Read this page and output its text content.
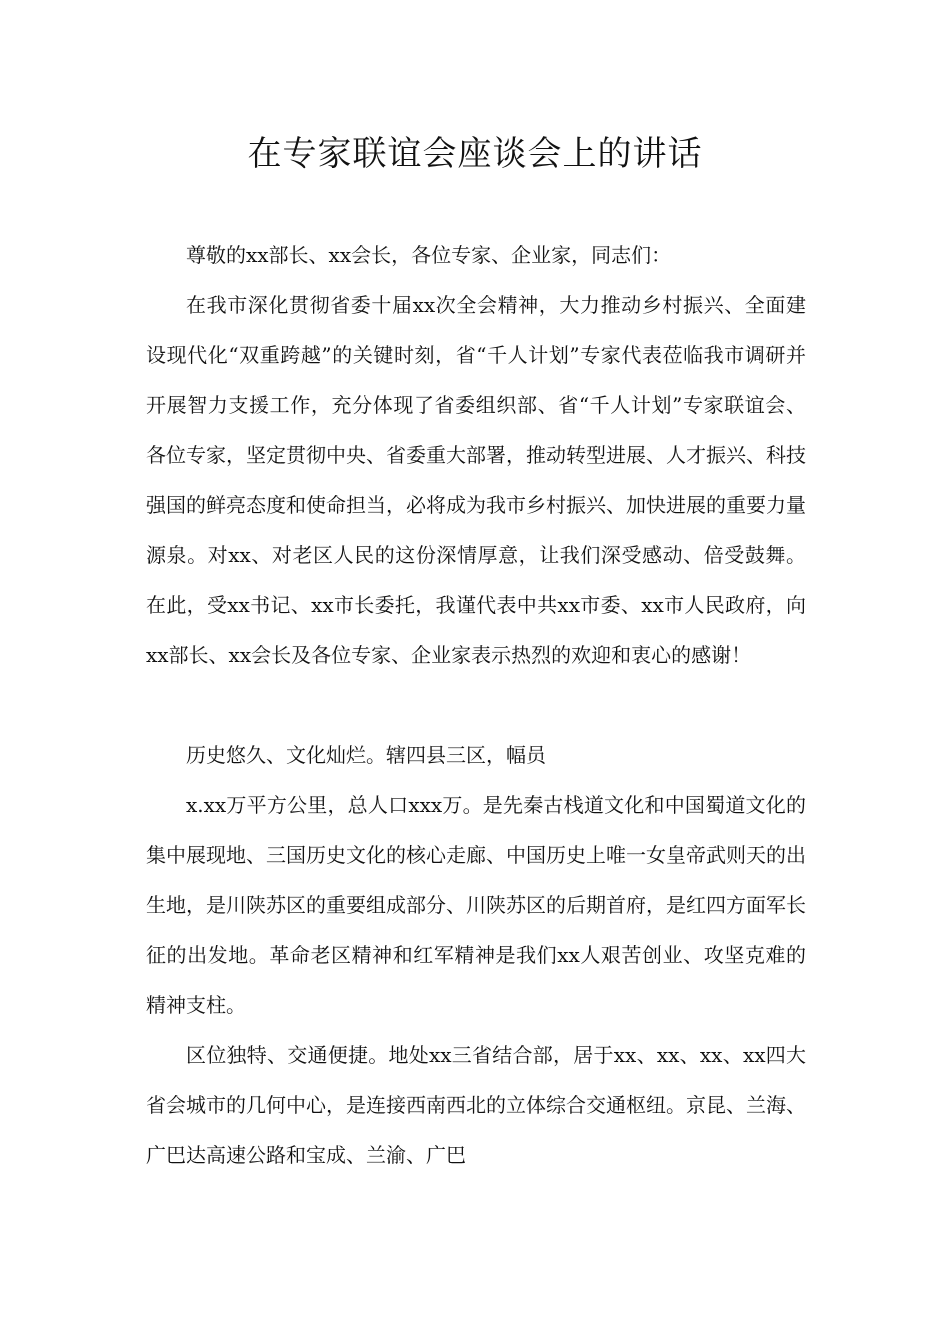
在专家联谊会座谈会上的讲话

尊敬的xx部长、xx会长，各位专家、企业家，同志们：

在我市深化贯彻省委十届xx次全会精神，大力推动乡村振兴、全面建设现代化“双重跨越”的关键时刻，省“千人计划”专家代表莅临我市调研并开展智力支援工作，充分体现了省委组织部、省“千人计划”专家联谊会、各位专家，坚定贯彻中央、省委重大部署，推动转型进展、人才振兴、科技强国的鲜亮态度和使命担当，必将成为我市乡村振兴、加快进展的重要力量源泉。对xx、对老区人民的这份深情厚意，让我们深受感动、倍受鼓舞。在此，受xx书记、xx市长委托，我谨代表中共xx市委、xx市人民政府，向xx部长、xx会长及各位专家、企业家表示热烈的欢迎和衷心的感谢！

历史悠久、文化灿烂。辖四县三区，幅员

x.xx万平方公里，总人口xxx万。是先秦古栈道文化和中国蜀道文化的集中展现地、三国历史文化的核心走廊、中国历史上唯一女皇帝武则天的出生地，是川陕苏区的重要组成部分、川陕苏区的后期首府，是红四方面军长征的出发地。革命老区精神和红军精神是我们xx人艰苦创业、攻坚克难的精神支柱。

区位独特、交通便捷。地处xx三省结合部，居于xx、xx、xx、xx四大省会城市的几何中心，是连接西南西北的立体综合交通枢纽。京昆、兰海、广巴达高速公路和宝成、兰渝、广巴
